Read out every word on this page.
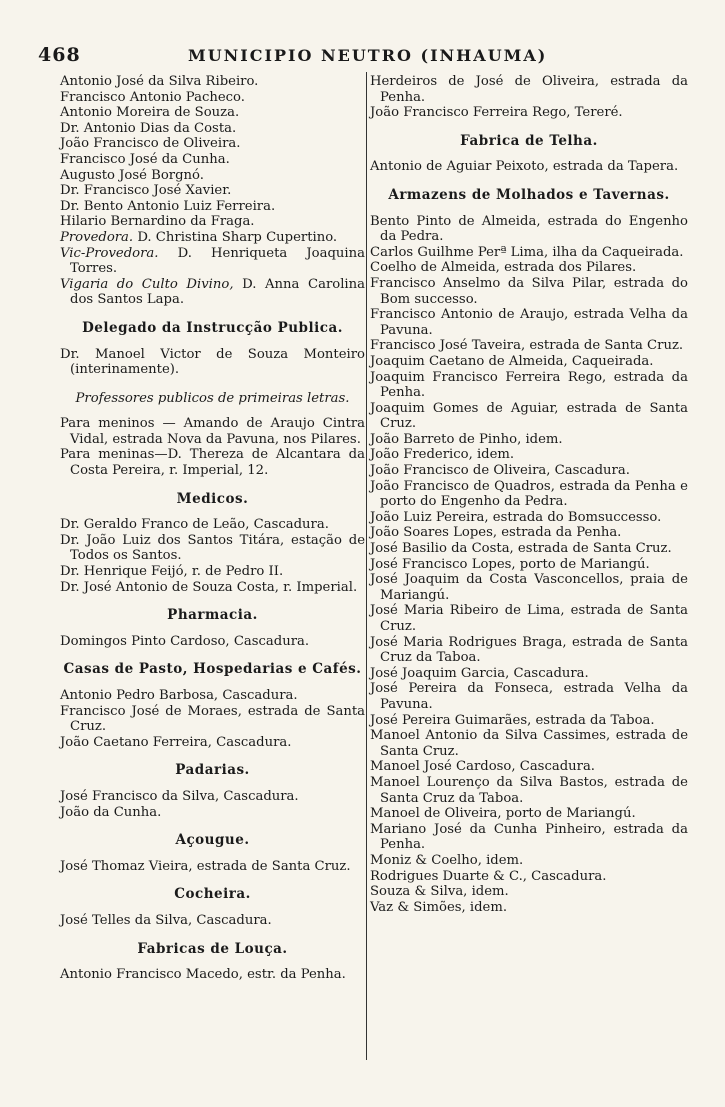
468	MUNICIPIO NEUTRO (INHAUMA)
Antonio José da Silva Ribeiro.
Francisco Antonio Pacheco.
Antonio Moreira de Souza.
Dr. Antonio Dias da Costa.
João Francisco de Oliveira.
Francisco José da Cunha.
Augusto José Borgnó.
Dr. Francisco José Xavier.
Dr. Bento Antonio Luiz Ferreira.
Hilario Bernardino da Fraga.
Provedora. D. Christina Sharp Cupertino.
Vic-Provedora. D. Henriqueta Joaquina Torres.
Vigaria do Culto Divino, D. Anna Carolina dos Santos Lapa.
Delegado da Instrucção Publica.
Dr. Manoel Victor de Souza Monteiro (interinamente).
Professores publicos de primeiras letras.
Para meninos — Amando de Araujo Cintra Vidal, estrada Nova da Pavuna, nos Pilares.
Para meninas—D. Thereza de Alcantara da Costa Pereira, r. Imperial, 12.
Medicos.
Dr. Geraldo Franco de Leão, Cascadura.
Dr. João Luiz dos Santos Titára, estação de Todos os Santos.
Dr. Henrique Feijó, r. de Pedro II.
Dr. José Antonio de Souza Costa, r. Imperial.
Pharmacia.
Domingos Pinto Cardoso, Cascadura.
Casas de Pasto, Hospedarias e Cafés.
Antonio Pedro Barbosa, Cascadura.
Francisco José de Moraes, estrada de Santa Cruz.
João Caetano Ferreira, Cascadura.
Padarias.
José Francisco da Silva, Cascadura.
João da Cunha.
Açougue.
José Thomaz Vieira, estrada de Santa Cruz.
Cocheira.
José Telles da Silva, Cascadura.
Fabricas de Louça.
Antonio Francisco Macedo, estr. da Penha.
Herdeiros de José de Oliveira, estrada da Penha.
João Francisco Ferreira Rego, Tereré.
Fabrica de Telha.
Antonio de Aguiar Peixoto, estrada da Tapera.
Armazens de Molhados e Tavernas.
Bento Pinto de Almeida, estrada do Engenho da Pedra.
Carlos Guilhme Perª Lima, ilha da Caqueirada.
Coelho de Almeida, estrada dos Pilares.
Francisco Anselmo da Silva Pilar, estrada do Bom successo.
Francisco Antonio de Araujo, estrada Velha da Pavuna.
Francisco José Taveira, estrada de Santa Cruz.
Joaquim Caetano de Almeida, Caqueirada.
Joaquim Francisco Ferreira Rego, estrada da Penha.
Joaquim Gomes de Aguiar, estrada de Santa Cruz.
João Barreto de Pinho, idem.
João Frederico, idem.
João Francisco de Oliveira, Cascadura.
João Francisco de Quadros, estrada da Penha e porto do Engenho da Pedra.
João Luiz Pereira, estrada do Bomsuccesso.
João Soares Lopes, estrada da Penha.
José Basilio da Costa, estrada de Santa Cruz.
José Francisco Lopes, porto de Mariangú.
José Joaquim da Costa Vasconcellos, praia de Mariangú.
José Maria Ribeiro de Lima, estrada de Santa Cruz.
José Maria Rodrigues Braga, estrada de Santa Cruz da Taboa.
José Joaquim Garcia, Cascadura.
José Pereira da Fonseca, estrada Velha da Pavuna.
José Pereira Guimarães, estrada da Taboa.
Manoel Antonio da Silva Cassimes, estrada de Santa Cruz.
Manoel José Cardoso, Cascadura.
Manoel Lourenço da Silva Bastos, estrada de Santa Cruz da Taboa.
Manoel de Oliveira, porto de Mariangú.
Mariano José da Cunha Pinheiro, estrada da Penha.
Moniz & Coelho, idem.
Rodrigues Duarte & C., Cascadura.
Souza & Silva, idem.
Vaz & Simões, idem.
